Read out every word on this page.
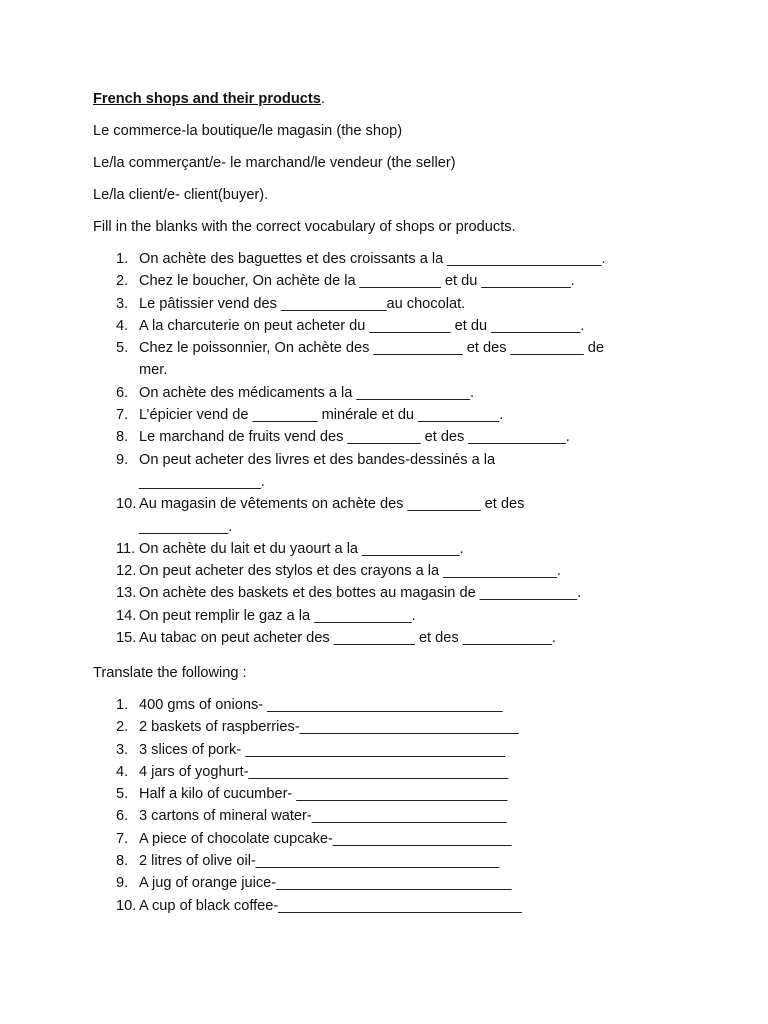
French shops and their products.
Le commerce-la boutique/le magasin (the shop)
Le/la commerçant/e- le marchand/le vendeur (the seller)
Le/la client/e- client(buyer).
Fill in the blanks with the correct vocabulary of shops or products.
1. On achète des baguettes et des croissants a la ___________________.
2. Chez le boucher, On achète de la __________ et du ___________.
3. Le pâtissier vend des _____________au chocolat.
4. A la charcuterie on peut acheter du __________ et du ___________.
5. Chez le poissonnier, On achète des ___________ et des _________ de
mer.
6. On achète des médicaments a la ______________.
7. L’épicier vend de ________ minérale et du __________.
8. Le marchand de fruits vend des _________ et des ____________.
9. On peut acheter des livres et des bandes-dessinés a la
_______________.
10. Au magasin de vêtements on achète des _________ et des
___________.
11. On achète du lait et du yaourt a la ____________.
12. On peut acheter des stylos et des crayons a la ______________.
13. On achète des baskets et des bottes au magasin de ____________.
14. On peut remplir le gaz a la ____________.
15. Au tabac on peut acheter des __________ et des ___________.
Translate the following :
1. 400 gms of onions- _____________________________
2. 2 baskets of raspberries-___________________________
3. 3 slices of pork- ________________________________
4. 4 jars of yoghurt-________________________________
5. Half a kilo of cucumber- __________________________
6. 3 cartons of mineral water-________________________
7. A piece of chocolate cupcake-______________________
8. 2 litres of olive oil-______________________________
9. A jug of orange juice-_____________________________
10. A cup of black coffee-______________________________
